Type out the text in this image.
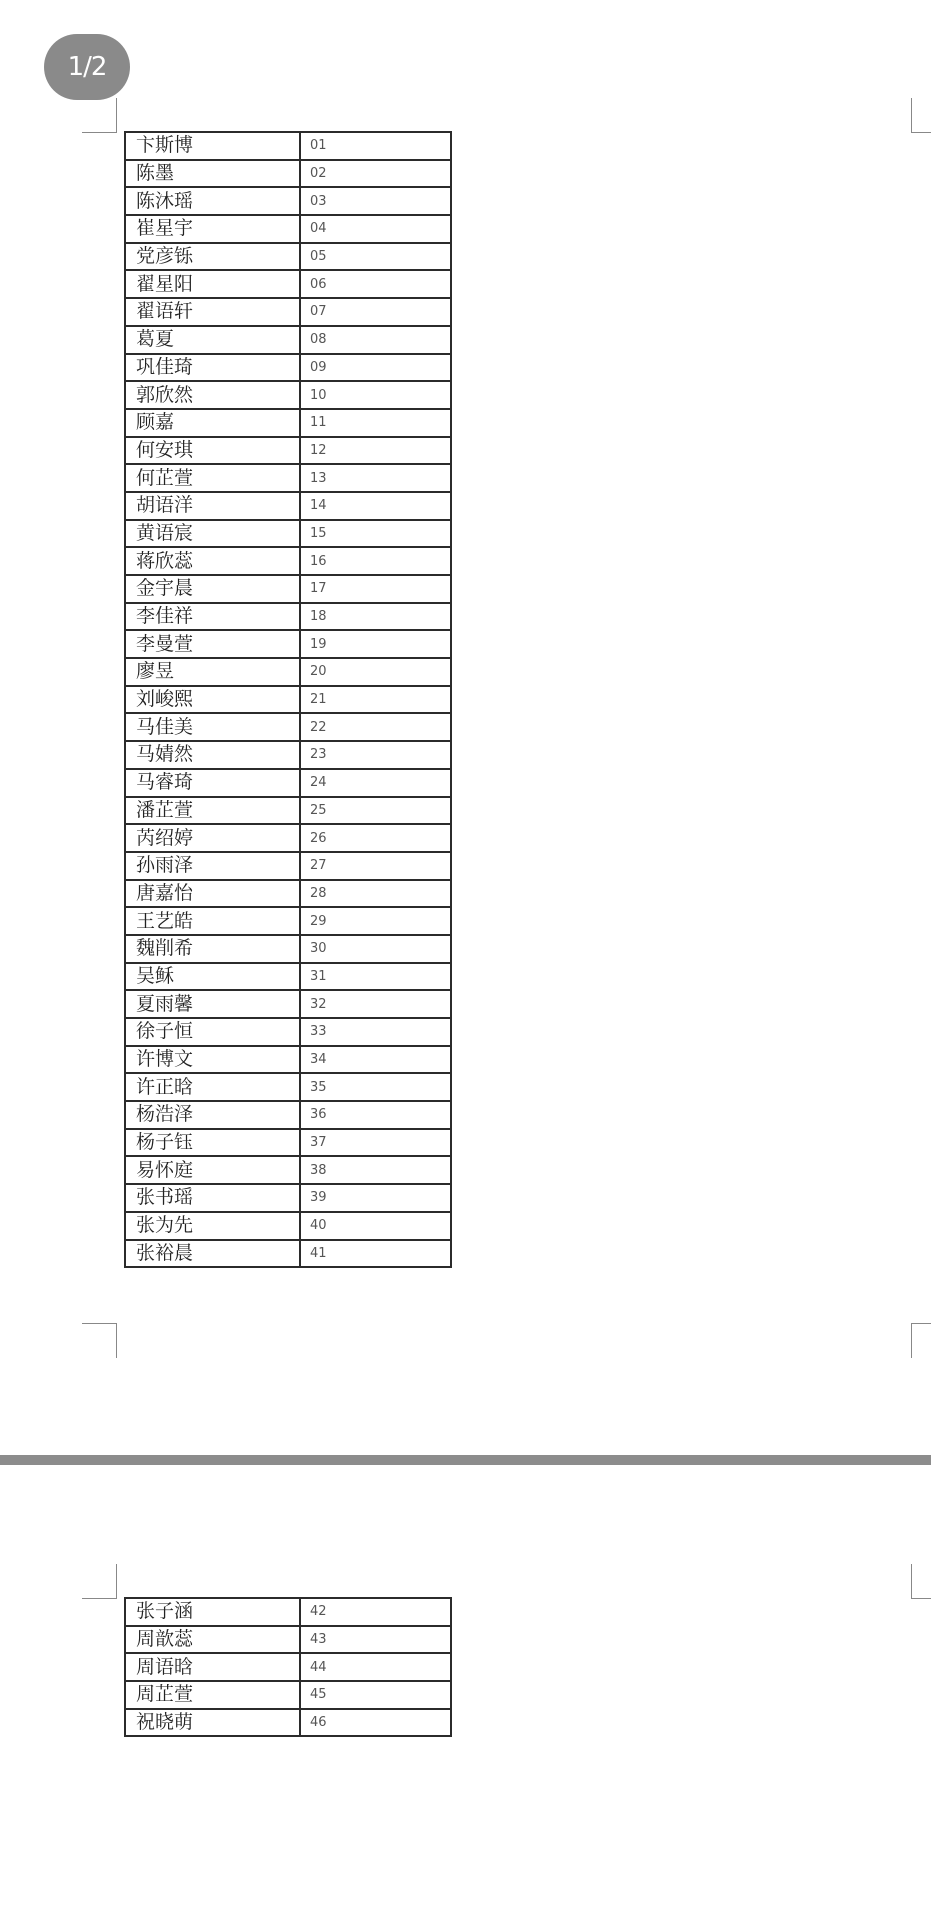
1/2
卞斯博	01
陈墨	02
陈沐瑶	03
崔星宇	04
党彦铄	05
翟星阳	06
翟语轩	07
葛夏	08
巩佳琦	09
郭欣然	10
顾嘉	11
何安琪	12
何芷萱	13
胡语洋	14
黄语宸	15
蒋欣蕊	16
金宇晨	17
李佳祥	18
李曼萱	19
廖昱	20
刘峻熙	21
马佳美	22
马婧然	23
马睿琦	24
潘芷萱	25
芮绍婷	26
孙雨泽	27
唐嘉怡	28
王艺皓	29
魏削希	30
吴稣	31
夏雨馨	32
徐子恒	33
许博文	34
许正晗	35
杨浩泽	36
杨子钰	37
易怀庭	38
张书瑶	39
张为先	40
张裕晨	41
张子涵	42
周歆蕊	43
周语晗	44
周芷萱	45
祝晓萌	46
